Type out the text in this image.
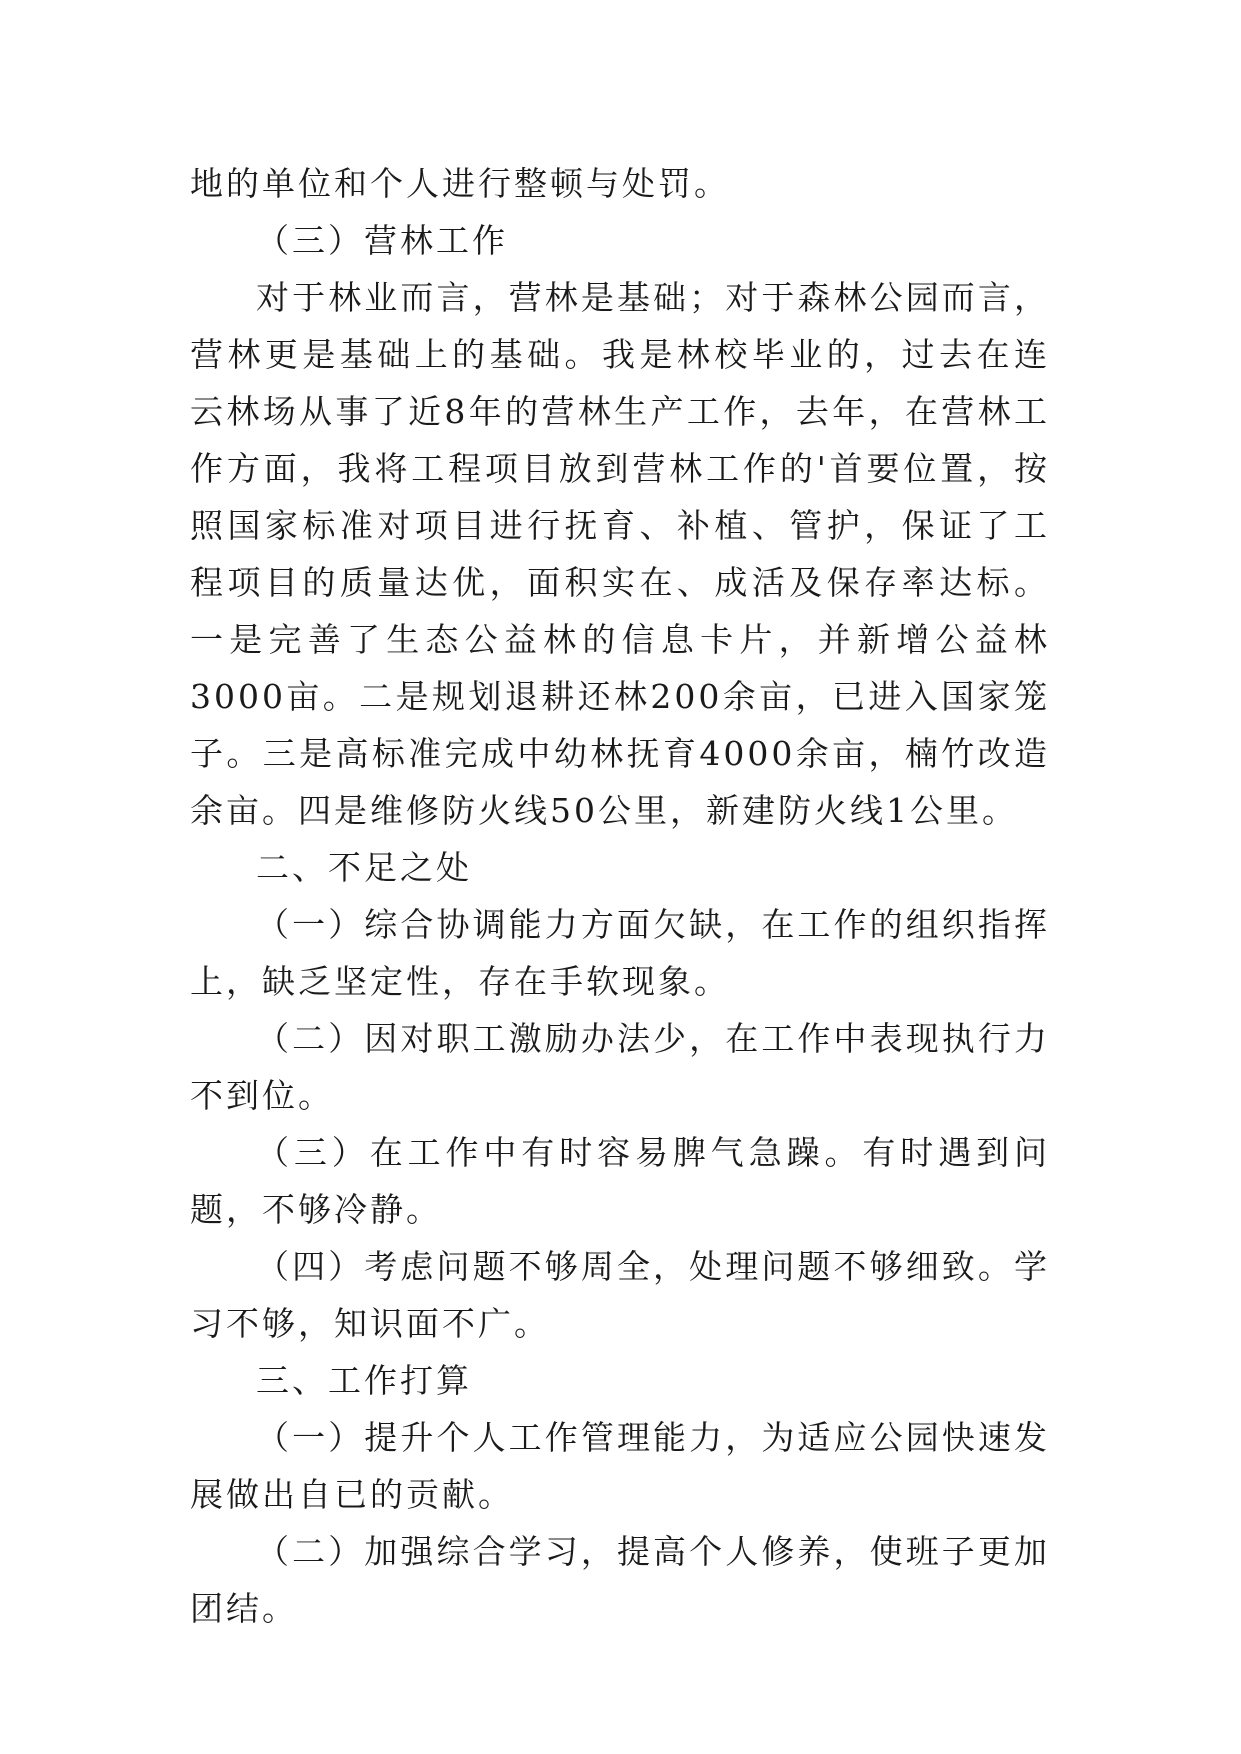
地的单位和个人进行整顿与处罚。

（三）营林工作

对于林业而言，营林是基础；对于森林公园而言，营林更是基础上的基础。我是林校毕业的，过去在连云林场从事了近8年的营林生产工作，去年，在营林工作方面，我将工程项目放到营林工作的'首要位置，按照国家标准对项目进行抚育、补植、管护，保证了工程项目的质量达优，面积实在、成活及保存率达标。一是完善了生态公益林的信息卡片，并新增公益林3000亩。二是规划退耕还林200余亩，已进入国家笼子。三是高标准完成中幼林抚育4000余亩，楠竹改造余亩。四是维修防火线50公里，新建防火线1公里。

二、不足之处

（一）综合协调能力方面欠缺，在工作的组织指挥上，缺乏坚定性，存在手软现象。

（二）因对职工激励办法少，在工作中表现执行力不到位。

（三）在工作中有时容易脾气急躁。有时遇到问题，不够冷静。

（四）考虑问题不够周全，处理问题不够细致。学习不够，知识面不广。

三、工作打算

（一）提升个人工作管理能力，为适应公园快速发展做出自已的贡献。

（二）加强综合学习，提高个人修养，使班子更加团结。
